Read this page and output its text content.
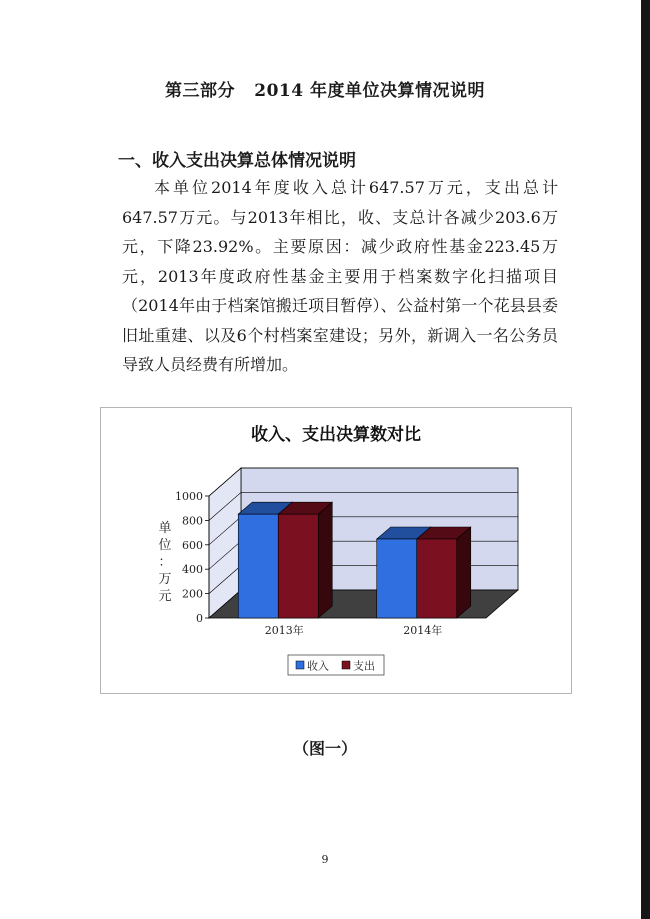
第三部分   2014 年度单位决算情况说明
一、收入支出决算总体情况说明

本单位2014年度收入总计647.57万元，支出总计647.57万元。与2013年相比，收、支总计各减少203.6万元，下降23.92%。主要原因：减少政府性基金223.45万元，2013年度政府性基金主要用于档案数字化扫描项目（2014年由于档案馆搬迁项目暂停）、公益村第一个花县县委旧址重建、以及6个村档案室建设；另外，新调入一名公务员导致人员经费有所增加。

收入、支出决算数对比
0
200
400
600
800
1000
单
位
：
万
元
2013年	2014年
收入 支出
（图一）
9
